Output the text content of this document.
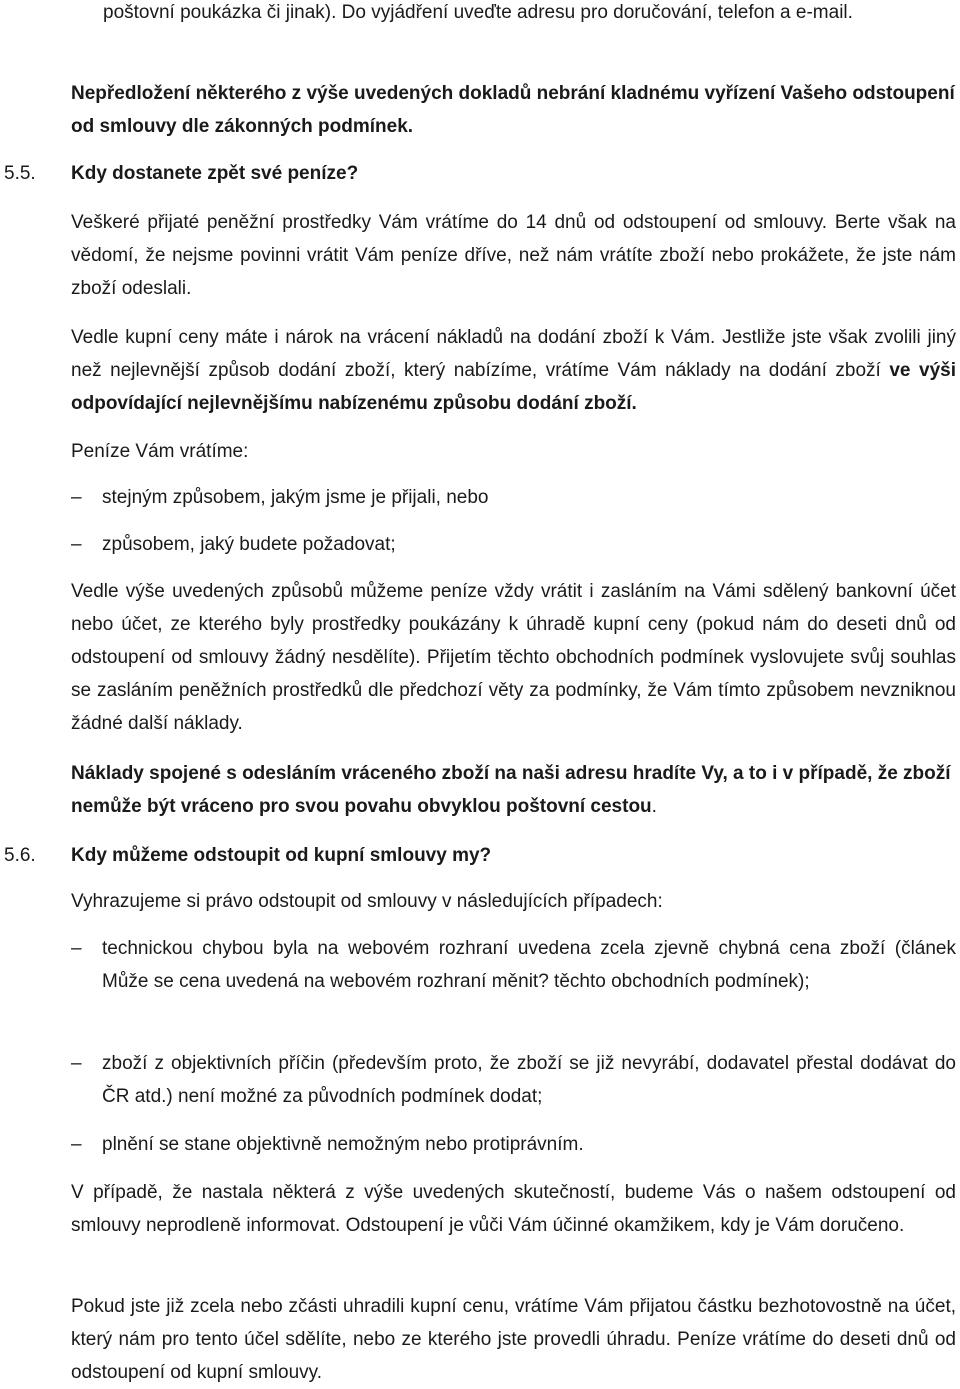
poštovní poukázka či jinak). Do vyjádření uveďte adresu pro doručování, telefon a e-mail.

Nepředložení některého z výše uvedených dokladů nebrání kladnému vyřízení Vašeho odstoupení od smlouvy dle zákonných podmínek.

5.5. Kdy dostanete zpět své peníze?

Veškeré přijaté peněžní prostředky Vám vrátíme do 14 dnů od odstoupení od smlouvy. Berte však na vědomí, že nejsme povinni vrátit Vám peníze dříve, než nám vrátíte zboží nebo prokážete, že jste nám zboží odeslali.

Vedle kupní ceny máte i nárok na vrácení nákladů na dodání zboží k Vám. Jestliže jste však zvolili jiný než nejlevnější způsob dodání zboží, který nabízíme, vrátíme Vám náklady na dodání zboží ve výši odpovídající nejlevnějšímu nabízenému způsobu dodání zboží.

Peníze Vám vrátíme:

– stejným způsobem, jakým jsme je přijali, nebo
– způsobem, jaký budete požadovat;

Vedle výše uvedených způsobů můžeme peníze vždy vrátit i zasláním na Vámi sdělený bankovní účet nebo účet, ze kterého byly prostředky poukázány k úhradě kupní ceny (pokud nám do deseti dnů od odstoupení od smlouvy žádný nesdělíte). Přijetím těchto obchodních podmínek vyslovujete svůj souhlas se zasláním peněžních prostředků dle předchozí věty za podmínky, že Vám tímto způsobem nevzniknou žádné další náklady.

Náklady spojené s odesláním vráceného zboží na naši adresu hradíte Vy, a to i v případě, že zboží nemůže být vráceno pro svou povahu obvyklou poštovní cestou.

5.6. Kdy můžeme odstoupit od kupní smlouvy my?

Vyhrazujeme si právo odstoupit od smlouvy v následujících případech:

– technickou chybou byla na webovém rozhraní uvedena zcela zjevně chybná cena zboží (článek Může se cena uvedená na webovém rozhraní měnit? těchto obchodních podmínek);
– zboží z objektivních příčin (především proto, že zboží se již nevyrábí, dodavatel přestal dodávat do ČR atd.) není možné za původních podmínek dodat;
– plnění se stane objektivně nemožným nebo protiprávním.

V případě, že nastala některá z výše uvedených skutečností, budeme Vás o našem odstoupení od smlouvy neprodleně informovat. Odstoupení je vůči Vám účinné okamžikem, kdy je Vám doručeno.

Pokud jste již zcela nebo zčásti uhradili kupní cenu, vrátíme Vám přijatou částku bezhotovostně na účet, který nám pro tento účel sdělíte, nebo ze kterého jste provedli úhradu. Peníze vrátíme do deseti dnů od odstoupení od kupní smlouvy.
